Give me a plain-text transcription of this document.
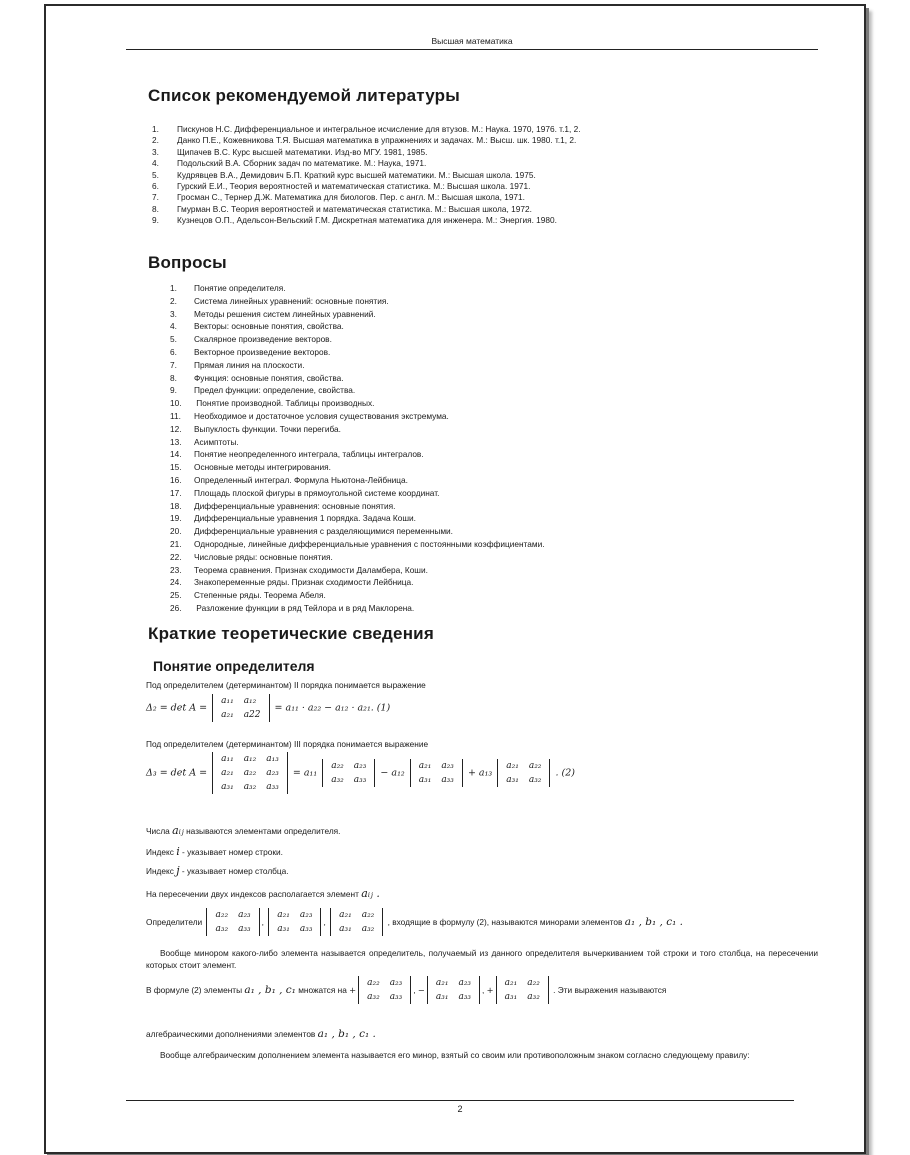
Высшая математика
Список рекомендуемой литературы
1. Пискунов Н.С. Дифференциальное и интегральное исчисление для втузов. М.: Наука. 1970, 1976. т.1, 2.
2. Данко П.Е., Кожевникова Т.Я. Высшая математика в упражнениях и задачах. М.: Высш. шк. 1980. т.1, 2.
3. Щипачев В.С. Курс высшей математики. Изд-во МГУ. 1981, 1985.
4. Подольский В.А. Сборник задач по математике. М.: Наука, 1971.
5. Кудрявцев В.А., Демидович Б.П. Краткий курс высшей математики. М.: Высшая школа. 1975.
6. Гурский Е.И., Теория вероятностей и математическая статистика. М.: Высшая школа. 1971.
7. Гросман С., Тернер Д.Ж. Математика для биологов. Пер. с англ. М.: Высшая школа, 1971.
8. Гмурман В.С. Теория вероятностей и математическая статистика. М.: Высшая школа, 1972.
9. Кузнецов О.П., Адельсон-Вельский Г.М. Дискретная математика для инженера. М.: Энергия. 1980.
Вопросы
1. Понятие определителя.
2. Система линейных уравнений: основные понятия.
3. Методы решения систем линейных уравнений.
4. Векторы: основные понятия, свойства.
5. Скалярное произведение векторов.
6. Векторное произведение векторов.
7. Прямая линия на плоскости.
8. Функция: основные понятия, свойства.
9. Предел функции: определение, свойства.
10. Понятие производной. Таблицы производных.
11. Необходимое и достаточное условия существования экстремума.
12. Выпуклость функции. Точки перегиба.
13. Асимптоты.
14. Понятие неопределенного интеграла, таблицы интегралов.
15. Основные методы интегрирования.
16. Определенный интеграл. Формула Ньютона-Лейбница.
17. Площадь плоской фигуры в прямоугольной системе координат.
18. Дифференциальные уравнения: основные понятия.
19. Дифференциальные уравнения 1 порядка. Задача Коши.
20. Дифференциальные уравнения с разделяющимися переменными.
21. Однородные, линейные дифференциальные уравнения с постоянными коэффициентами.
22. Числовые ряды: основные понятия.
23. Теорема сравнения. Признак сходимости Даламбера, Коши.
24. Знакопеременные ряды. Признак сходимости Лейбница.
25. Степенные ряды. Теорема Абеля.
26. Разложение функции в ряд Тейлора и в ряд Маклорена.
Краткие теоретические сведения
Понятие определителя
Под определителем (детерминантом) II порядка понимается выражение
Δ₂ = det A =
a₁₁	a₁₂
a₂₁	a22
= a₁₁ · a₂₂ − a₁₂ · a₂₁. (1)
Под определителем (детерминантом) III порядка понимается выражение
Δ₃ = det A =
a₁₁	a₁₂	a₁₃
a₂₁	a₂₂	a₂₃
a₃₁	a₃₂	a₃₃
= a₁₁
a₂₂	a₂₃
a₃₂	a₃₃
− a₁₂
a₂₁	a₂₃
a₃₁	a₃₃
+ a₁₃
a₂₁	a₂₂
a₃₁	a₃₂
. (2)
Числа aᵢⱼ называются элементами определителя.
Индекс i - указывает номер строки.
Индекс j - указывает номер столбца.
На пересечении двух индексов располагается элемент aᵢⱼ .
Определители
a₂₂	a₂₃
a₃₂	a₃₃
,
a₂₁	a₂₃
a₃₁	a₃₃
,
a₂₁	a₂₂
a₃₁	a₃₂
, входящие в формулу (2), называются минорами элементов a₁ , b₁ , c₁ .
Вообще минором какого-либо элемента называется определитель, получаемый из данного определителя вычеркиванием той строки и того столбца, на пересечении которых стоит элемент.
В формуле (2) элементы a₁ , b₁ , c₁ множатся на +
a₂₂	a₂₃
a₃₂	a₃₃
, −
a₂₁	a₂₃
a₃₁	a₃₃
, +
a₂₁	a₂₂
a₃₁	a₃₂
. Эти выражения называются
алгебраическими дополнениями элементов a₁ , b₁ , c₁ .
Вообще алгебраическим дополнением элемента называется его минор, взятый со своим или противоположным знаком согласно следующему правилу:
2
